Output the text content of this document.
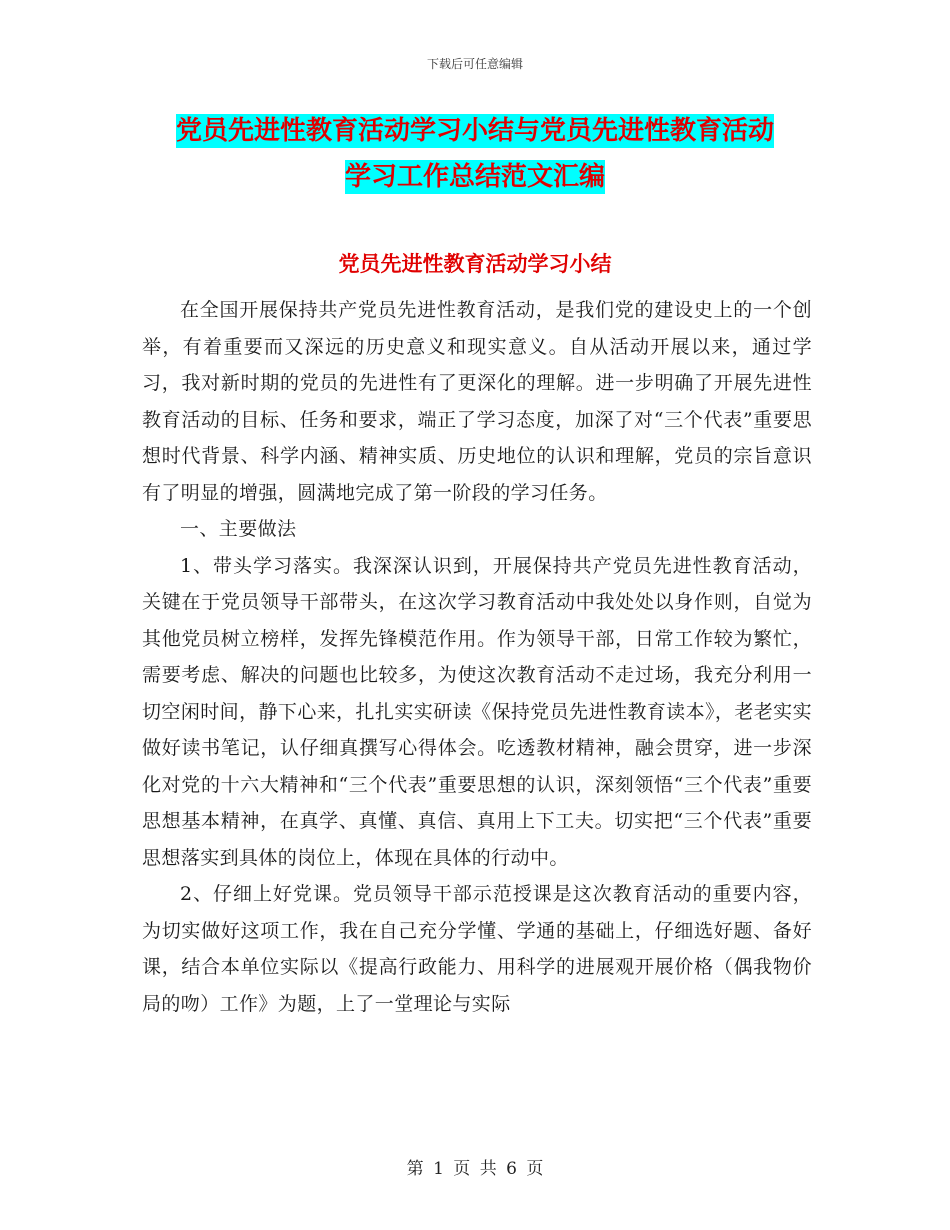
下载后可任意编辑
党员先进性教育活动学习小结与党员先进性教育活动
学习工作总结范文汇编
党员先进性教育活动学习小结

在全国开展保持共产党员先进性教育活动，是我们党的建设史上的一个创举，有着重要而又深远的历史意义和现实意义。自从活动开展以来，通过学习，我对新时期的党员的先进性有了更深化的理解。进一步明确了开展先进性教育活动的目标、任务和要求，端正了学习态度，加深了对“三个代表”重要思想时代背景、科学内涵、精神实质、历史地位的认识和理解，党员的宗旨意识有了明显的增强，圆满地完成了第一阶段的学习任务。

一、主要做法

1、带头学习落实。我深深认识到，开展保持共产党员先进性教育活动，关键在于党员领导干部带头，在这次学习教育活动中我处处以身作则，自觉为其他党员树立榜样，发挥先锋模范作用。作为领导干部，日常工作较为繁忙，需要考虑、解决的问题也比较多，为使这次教育活动不走过场，我充分利用一切空闲时间，静下心来，扎扎实实研读《保持党员先进性教育读本》，老老实实做好读书笔记，认仔细真撰写心得体会。吃透教材精神，融会贯穿，进一步深化对党的十六大精神和“三个代表”重要思想的认识，深刻领悟“三个代表”重要思想基本精神，在真学、真懂、真信、真用上下工夫。切实把“三个代表”重要思想落实到具体的岗位上，体现在具体的行动中。

2、仔细上好党课。党员领导干部示范授课是这次教育活动的重要内容，为切实做好这项工作，我在自己充分学懂、学通的基础上，仔细选好题、备好课，结合本单位实际以《提高行政能力、用科学的进展观开展价格（偶我物价局的吻）工作》为题，上了一堂理论与实际

第 1 页 共 6 页
